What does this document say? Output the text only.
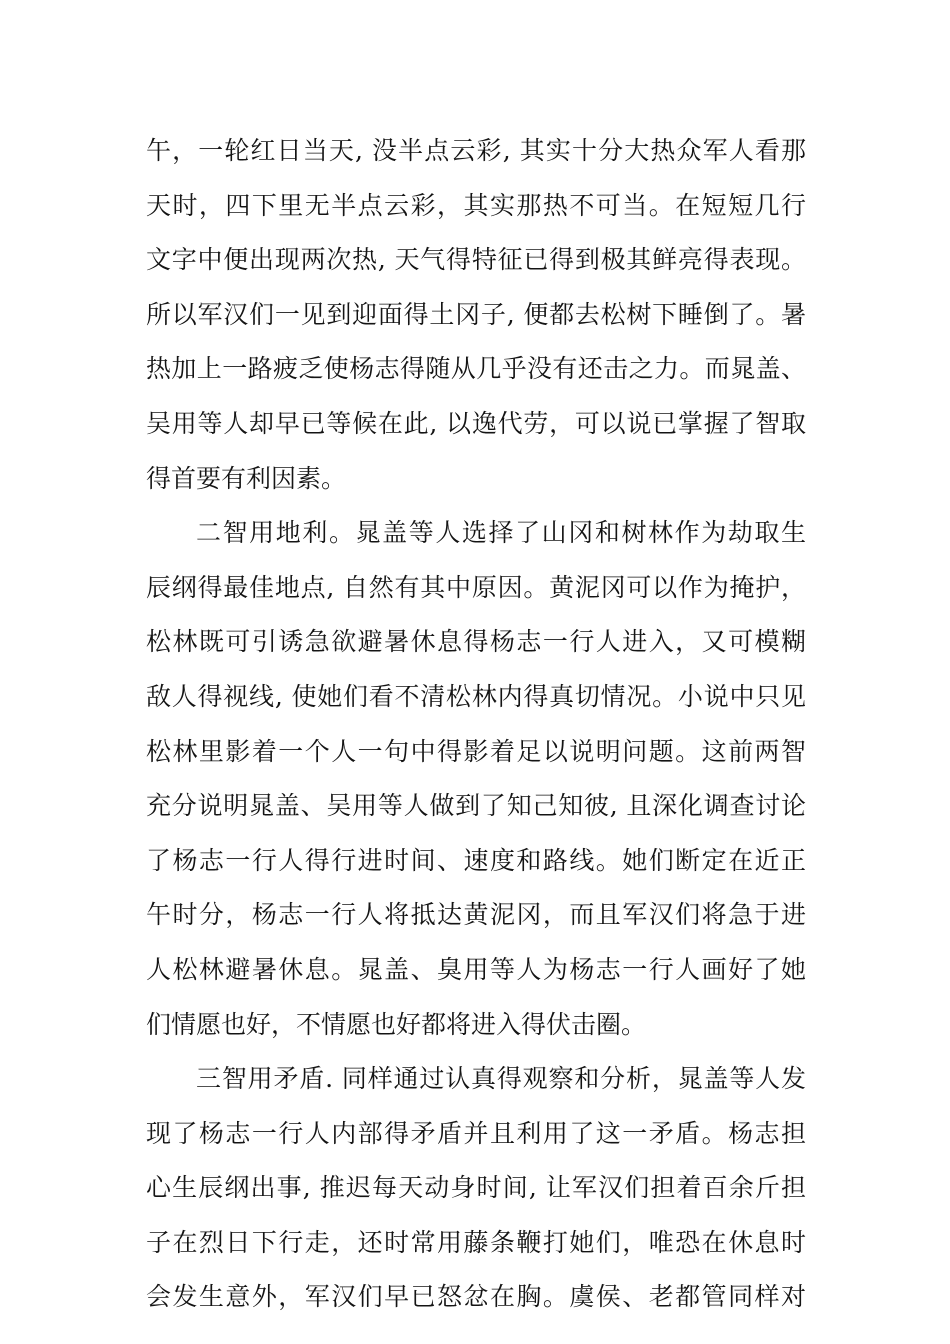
午，一轮红日当天, 没半点云彩, 其实十分大热众军人看那
天时，四下里无半点云彩，其实那热不可当。在短短几行
文字中便出现两次热, 天气得特征已得到极其鲜亮得表现。
所以军汉们一见到迎面得土冈子, 便都去松树下睡倒了。暑
热加上一路疲乏使杨志得随从几乎没有还击之力。而晁盖、
吴用等人却早已等候在此, 以逸代劳，可以说已掌握了智取
得首要有利因素。
二智用地利。晁盖等人选择了山冈和树林作为劫取生
辰纲得最佳地点, 自然有其中原因。黄泥冈可以作为掩护，
松林既可引诱急欲避暑休息得杨志一行人进入，又可模糊
敌人得视线, 使她们看不清松林内得真切情况。小说中只见
松林里影着一个人一句中得影着足以说明问题。这前两智
充分说明晁盖、吴用等人做到了知己知彼, 且深化调查讨论
了杨志一行人得行进时间、速度和路线。她们断定在近正
午时分，杨志一行人将抵达黄泥冈，而且军汉们将急于进
人松林避暑休息。晁盖、臭用等人为杨志一行人画好了她
们情愿也好，不情愿也好都将进入得伏击圈。
三智用矛盾. 同样通过认真得观察和分析，晁盖等人发
现了杨志一行人内部得矛盾并且利用了这一矛盾。杨志担
心生辰纲出事, 推迟每天动身时间, 让军汉们担着百余斤担
子在烈日下行走，还时常用藤条鞭打她们，唯恐在休息时
会发生意外，军汉们早已怒忿在胸。虞侯、老都管同样对
